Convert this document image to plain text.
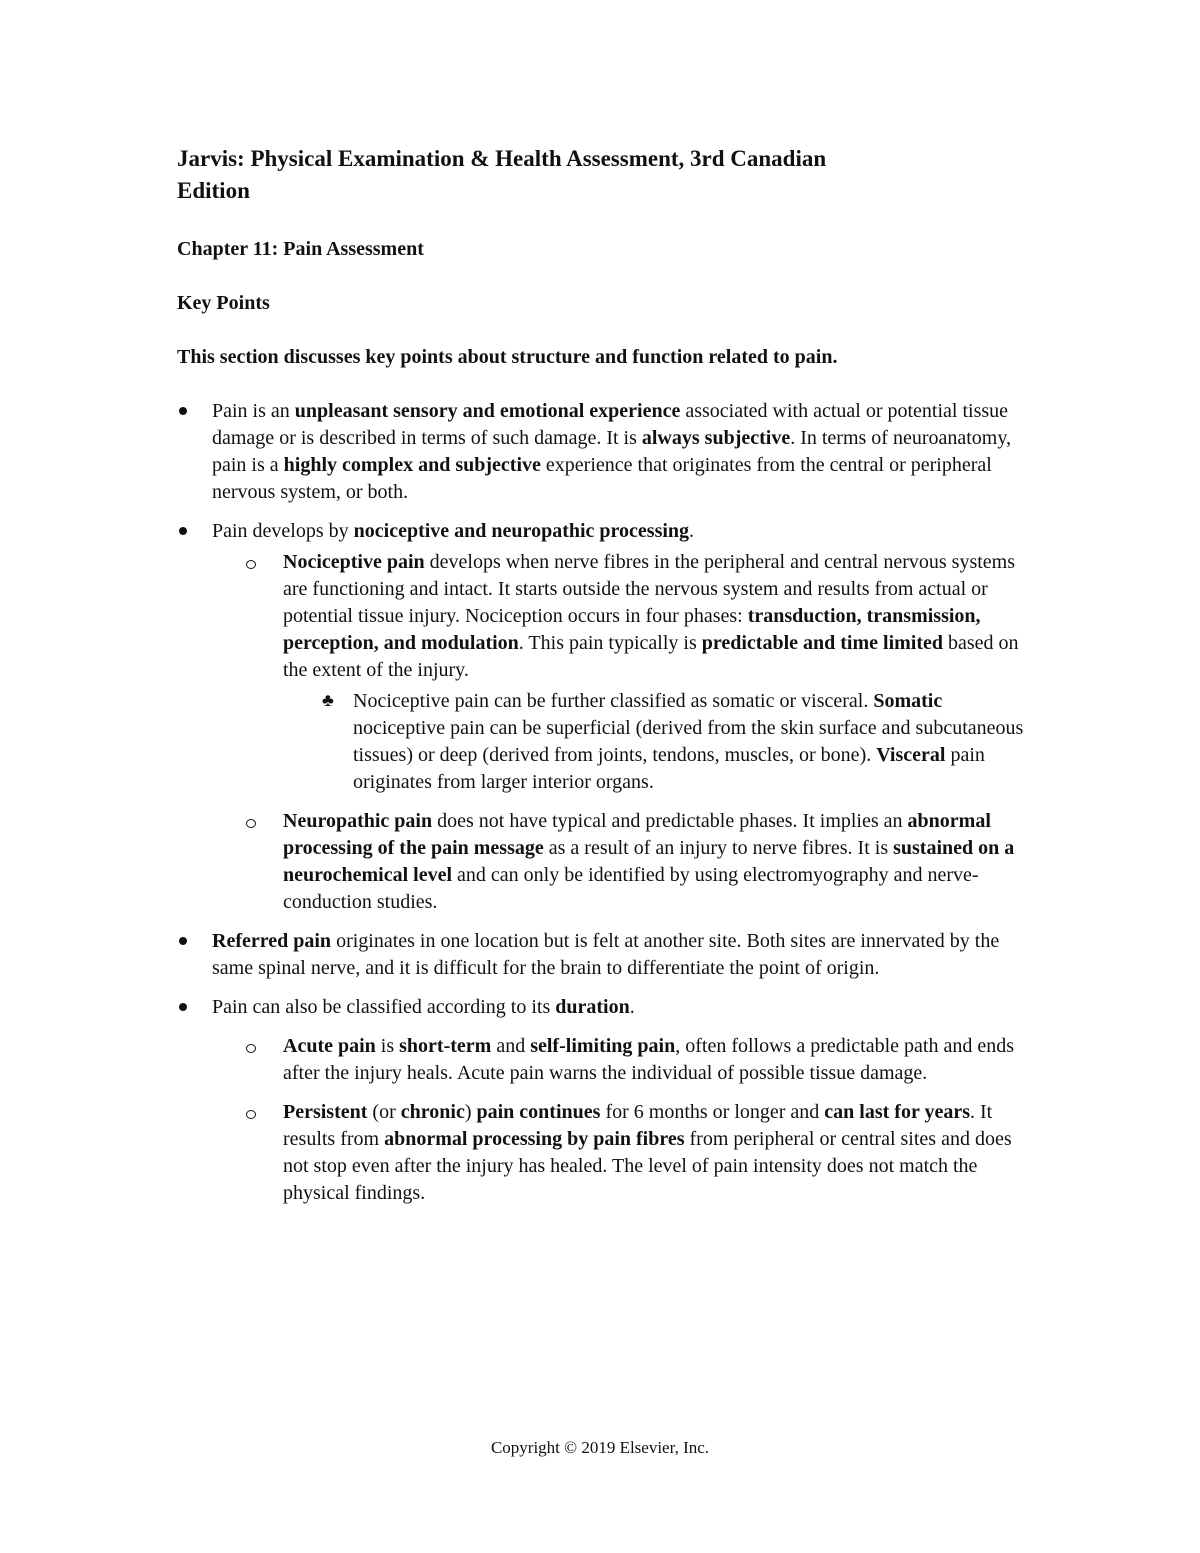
Jarvis: Physical Examination & Health Assessment, 3rd Canadian
Edition
Chapter 11: Pain Assessment
Key Points
This section discusses key points about structure and function related to pain.

Pain is an unpleasant sensory and emotional experience associated with actual or potential tissue damage or is described in terms of such damage. It is always subjective. In terms of neuroanatomy, pain is a highly complex and subjective experience that originates from the central or peripheral nervous system, or both.

Pain develops by nociceptive and neuropathic processing.

Nociceptive pain develops when nerve fibres in the peripheral and central nervous systems are functioning and intact. It starts outside the nervous system and results from actual or potential tissue injury. Nociception occurs in four phases: transduction, transmission, perception, and modulation. This pain typically is predictable and time limited based on the extent of the injury.

♣ Nociceptive pain can be further classified as somatic or visceral. Somatic nociceptive pain can be superficial (derived from the skin surface and subcutaneous tissues) or deep (derived from joints, tendons, muscles, or bone). Visceral pain originates from larger interior organs.

Neuropathic pain does not have typical and predictable phases. It implies an abnormal processing of the pain message as a result of an injury to nerve fibres. It is sustained on a neurochemical level and can only be identified by using electromyography and nerve-conduction studies.

Referred pain originates in one location but is felt at another site. Both sites are innervated by the same spinal nerve, and it is difficult for the brain to differentiate the point of origin.

Pain can also be classified according to its duration.

Acute pain is short-term and self-limiting pain, often follows a predictable path and ends after the injury heals. Acute pain warns the individual of possible tissue damage.

Persistent (or chronic) pain continues for 6 months or longer and can last for years. It results from abnormal processing by pain fibres from peripheral or central sites and does not stop even after the injury has healed. The level of pain intensity does not match the physical findings.

Copyright © 2019 Elsevier, Inc.
